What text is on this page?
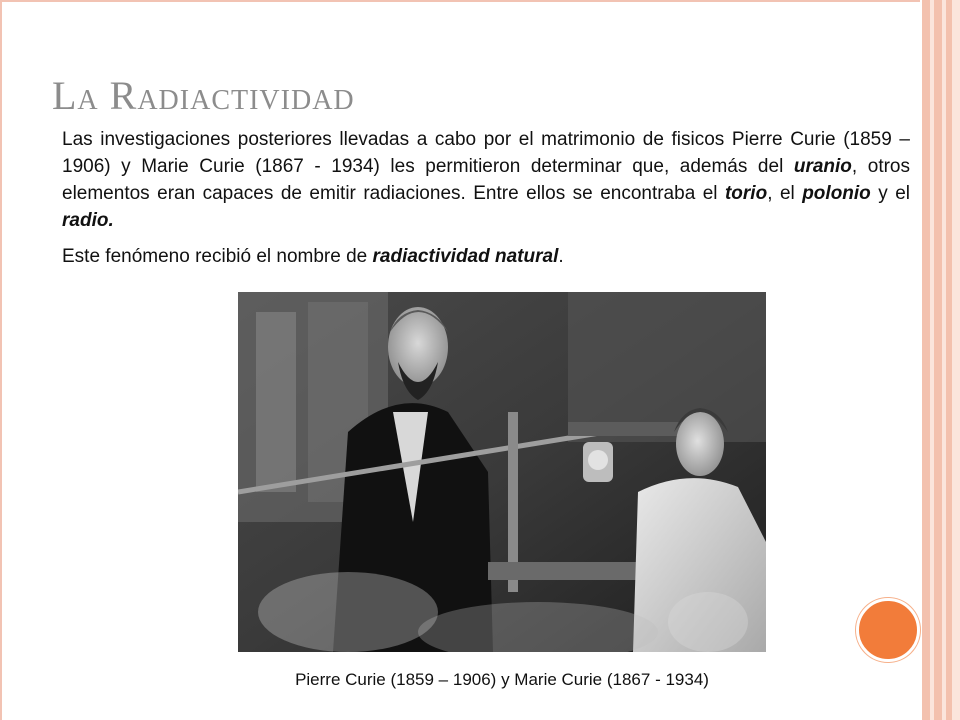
La Radiactividad

Las investigaciones posteriores llevadas a cabo por el matrimonio de fisicos Pierre Curie (1859 – 1906) y Marie Curie (1867 - 1934) les permitieron determinar que, además del uranio, otros elementos eran capaces de emitir radiaciones. Entre ellos se encontraba el torio, el polonio y el radio.

Este fenómeno recibió el nombre de radiactividad natural.

Pierre Curie (1859 – 1906) y Marie Curie (1867 - 1934)
